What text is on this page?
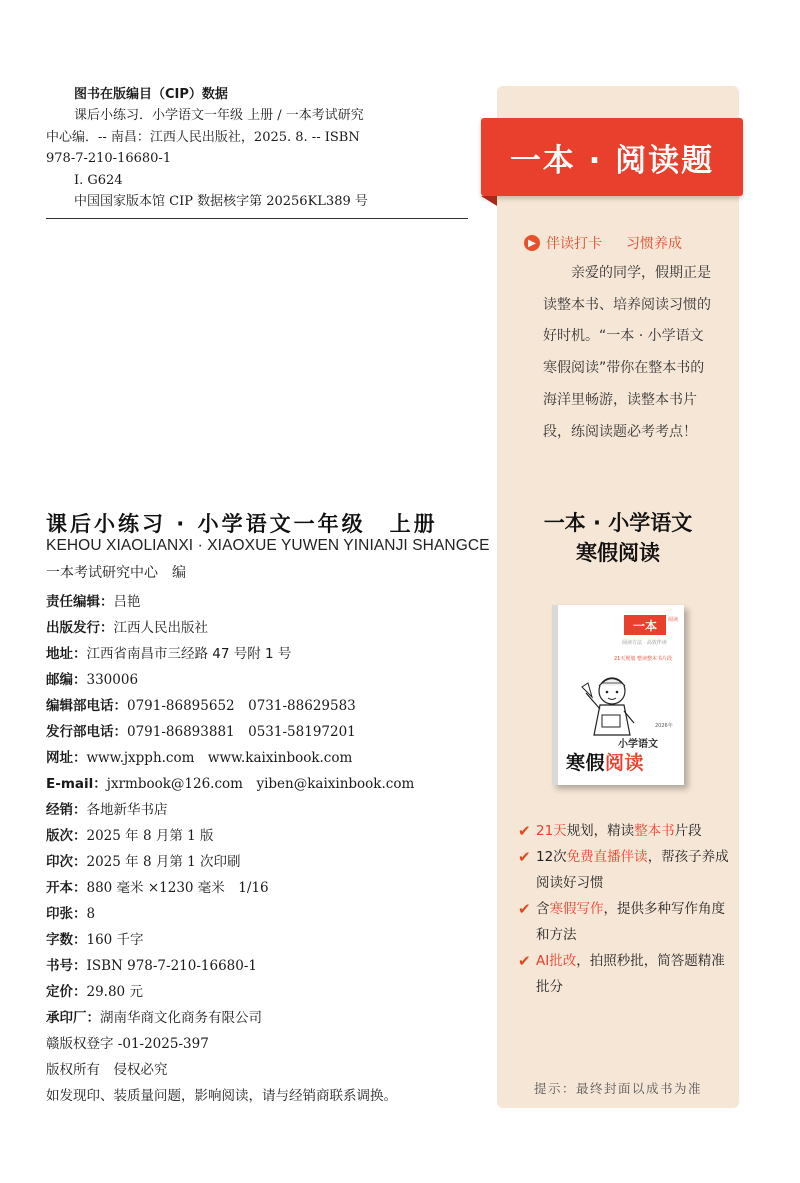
图书在版编目（CIP）数据
课后小练习．小学语文一年级 上册 / 一本考试研究
中心编．-- 南昌：江西人民出版社，2025. 8. -- ISBN
978-7-210-16680-1
Ⅰ. G624
中国国家版本馆 CIP 数据核字第 20256KL389 号
课后小练习 · 小学语文一年级　上册
KEHOU XIAOLIANXI · XIAOXUE YUWEN YINIANJI SHANGCE
一本考试研究中心　编
责任编辑：吕艳
出版发行：江西人民出版社
地址：江西省南昌市三经路 47 号附 1 号
邮编：330006
编辑部电话：0791-86895652　0731-88629583
发行部电话：0791-86893881　0531-58197201
网址：www.jxpph.com　www.kaixinbook.com
E-mail：jxrmbook@126.com　yiben@kaixinbook.com
经销：各地新华书店
版次：2025 年 8 月第 1 版
印次：2025 年 8 月第 1 次印刷
开本：880 毫米 ×1230 毫米　1/16
印张：8
字数：160 千字
书号：ISBN 978-7-210-16680-1
定价：29.80 元
承印厂：湖南华商文化商务有限公司
赣版权登字 -01-2025-397
版权所有　侵权必究
如发现印、装质量问题，影响阅读，请与经销商联系调换。
一本 · 阅读题
▶ 伴读打卡 习惯养成

亲爱的同学，假期正是读整本书、培养阅读习惯的好时机。“一本 · 小学语文寒假阅读”带你在整本书的海洋里畅游，读整本书片段，练阅读题必考考点！

一本 · 小学语文
寒假阅读
一本	阅读
阅读方法 · 高效伴读
21天规划 整读整本书片段
2026年
小学语文
寒假阅读
✔ 21天规划，精读整本书片段
✔ 12次免费直播伴读，帮孩子养成阅读好习惯
✔ 含寒假写作，提供多种写作角度和方法
✔ AI批改，拍照秒批，简答题精准批分
提示：最终封面以成书为准
